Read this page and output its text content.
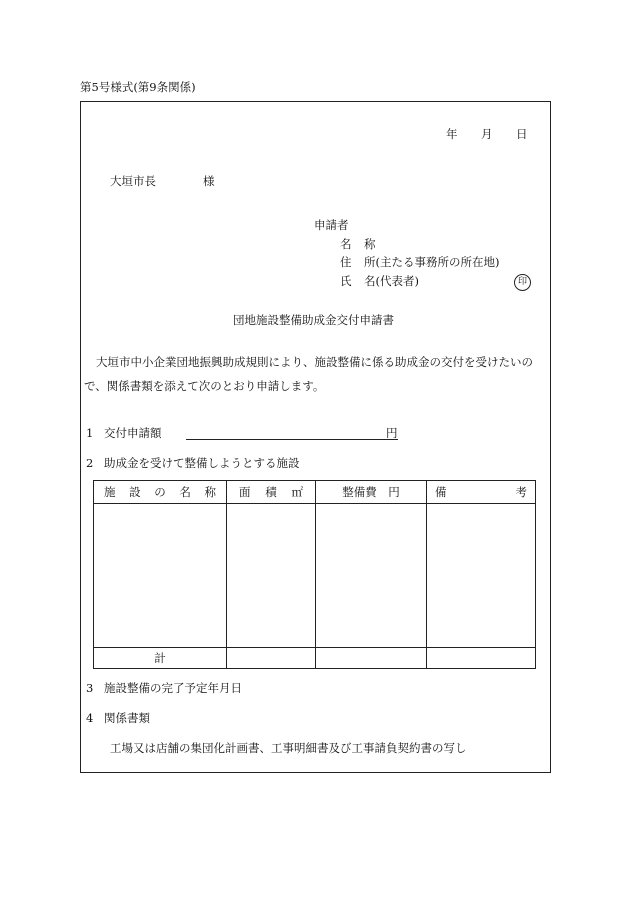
第5号様式(第9条関係)
年 月 日
大垣市長	様
申請者
名 称
住 所(主たる事務所の所在地)
氏 名(代表者)	印
団地施設整備助成金交付申請書
大垣市中小企業団地振興助成規則により、施設整備に係る助成金の交付を受けたいの
で、関係書類を添えて次のとおり申請します。
1 交付申請額	円
2 助成金を受けて整備しようとする施設
施 設 の 名 称	面 積 ㎡	整備費　円	備 考

計			
3 施設整備の完了予定年月日
4 関係書類
工場又は店舗の集団化計画書、工事明細書及び工事請負契約書の写し
